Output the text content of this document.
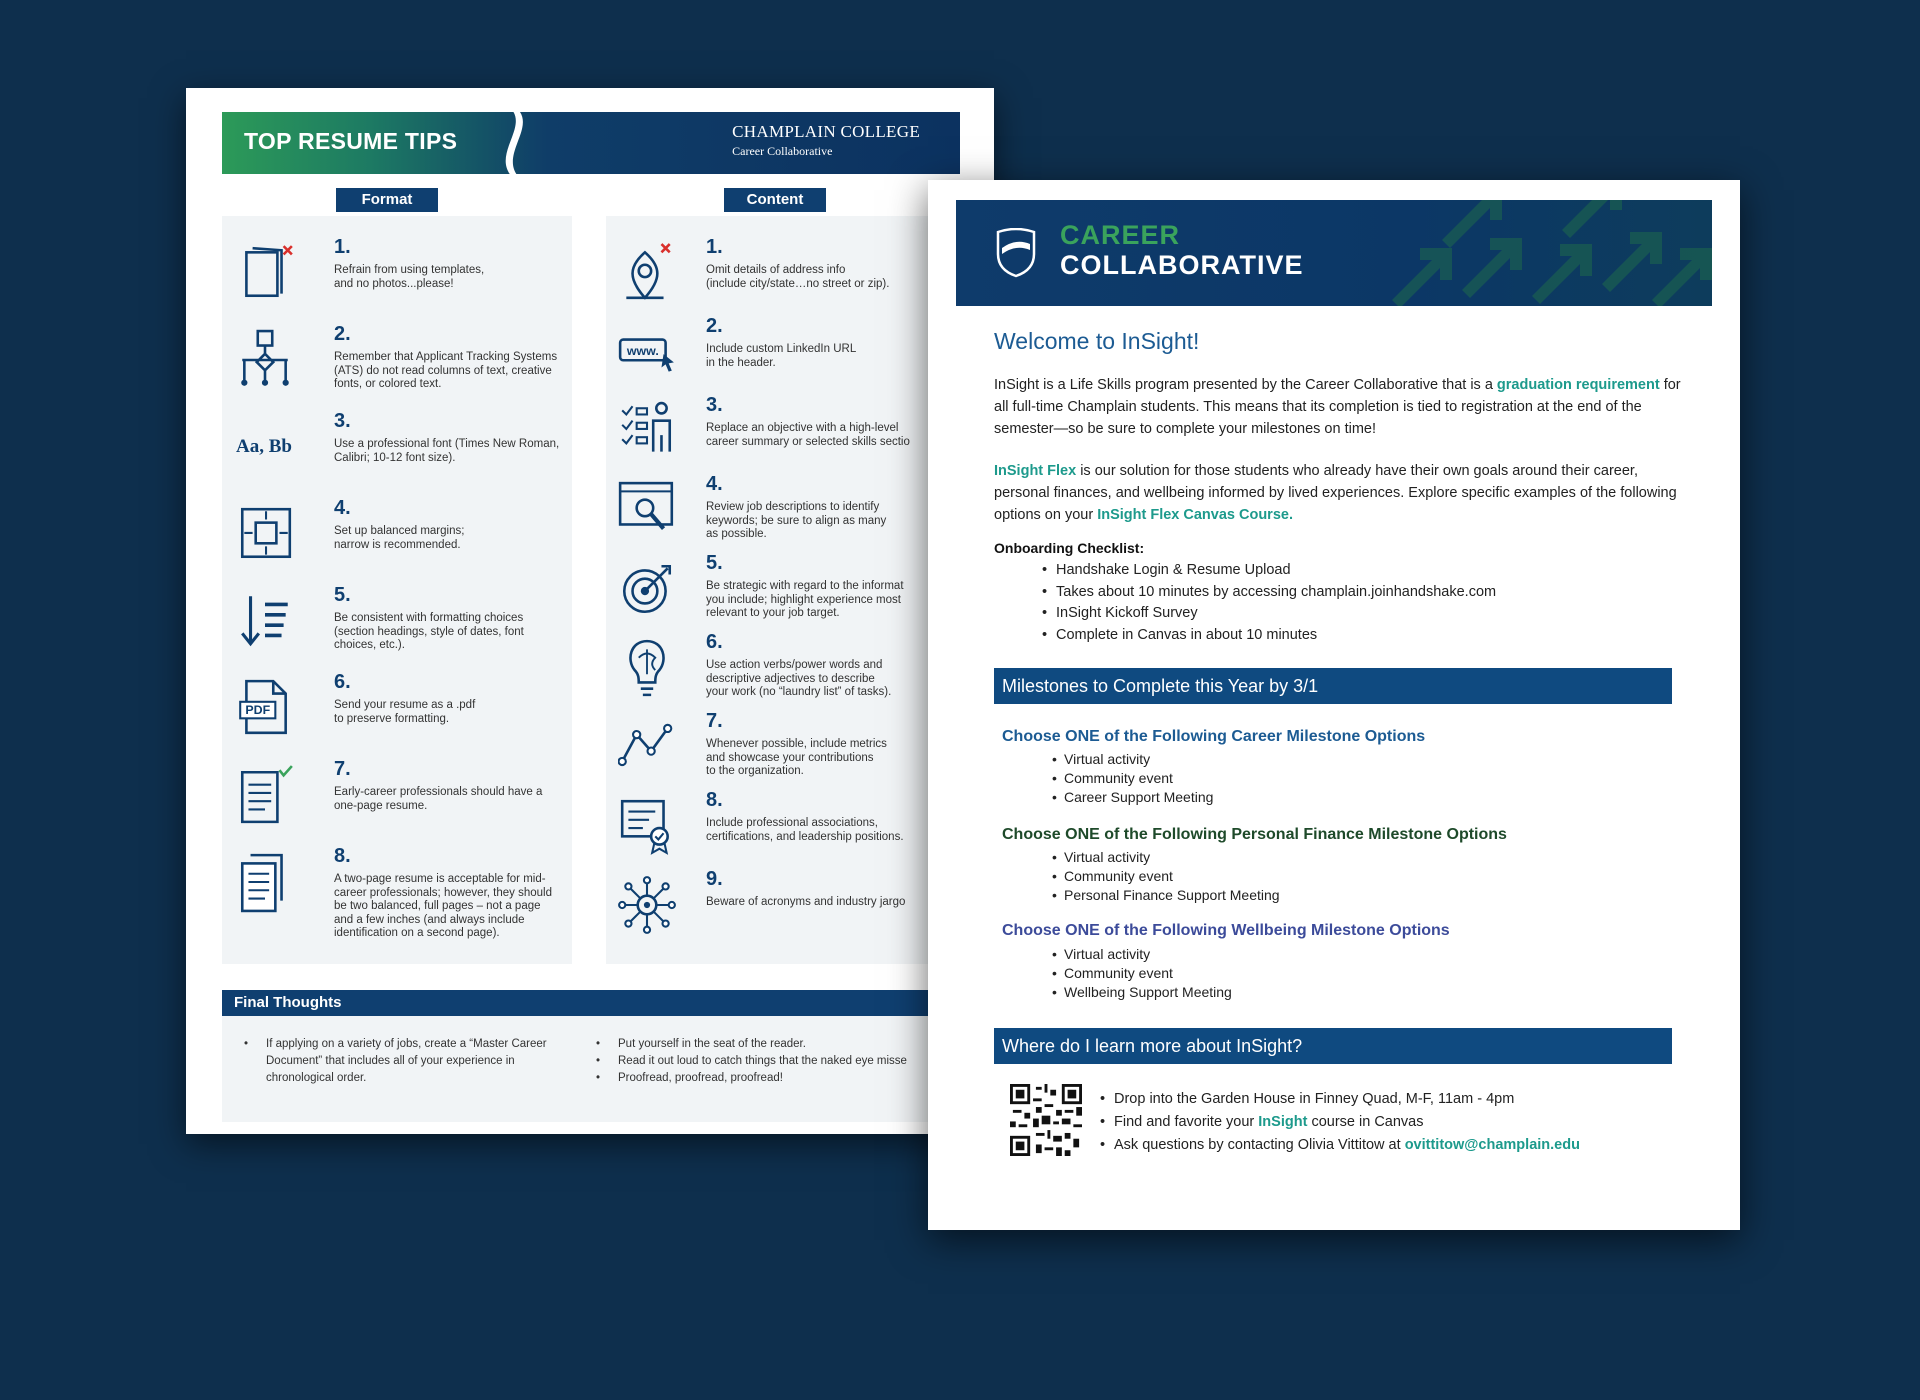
TOP RESUME TIPS	CHAMPLAIN COLLEGE
Career Collaborative
Format
1.
Refrain from using templates,
and no photos...please!
2.
Remember that Applicant Tracking Systems (ATS) do not read columns of text, creative fonts, or colored text.
Aa, Bb
3.
Use a professional font (Times New Roman, Calibri; 10-12 font size).
4.
Set up balanced margins;
narrow is recommended.
5.
Be consistent with formatting choices (section headings, style of dates, font choices, etc.).
PDF
6.
Send your resume as a .pdf
to preserve formatting.
7.
Early-career professionals should have a one-page resume.
8.
A two-page resume is acceptable for mid-career professionals; however, they should be two balanced, full pages – not a page and a few inches (and always include identification on a second page).
Content
1.
Omit details of address info
(include city/state…no street or zip).
www.
2.
Include custom LinkedIn URL
in the header.
3.
Replace an objective with a high-level
career summary or selected skills sectio
4.
Review job descriptions to identify
keywords; be sure to align as many
as possible.
5.
Be strategic with regard to the informat
you include; highlight experience most
relevant to your job target.
6.
Use action verbs/power words and
descriptive adjectives to describe
your work (no “laundry list” of tasks).
7.
Whenever possible, include metrics
and showcase your contributions
to the organization.
8.
Include professional associations,
certifications, and leadership positions.
9.
Beware of acronyms and industry jargo
Final Thoughts
• If applying on a variety of jobs, create a “Master Career Document” that includes all of your experience in chronological order.
• Put yourself in the seat of the reader.
• Read it out loud to catch things that the naked eye misse
• Proofread, proofread, proofread!
CAREER
COLLABORATIVE
Welcome to InSight!
InSight is a Life Skills program presented by the Career Collaborative that is a graduation requirement for all full-time Champlain students. This means that its completion is tied to registration at the end of the semester—so be sure to complete your milestones on time!
InSight Flex is our solution for those students who already have their own goals around their career, personal finances, and wellbeing informed by lived experiences. Explore specific examples of the following options on your InSight Flex Canvas Course.
Onboarding Checklist:
• Handshake Login & Resume Upload
• Takes about 10 minutes by accessing champlain.joinhandshake.com
• InSight Kickoff Survey
• Complete in Canvas in about 10 minutes
Milestones to Complete this Year by 3/1
Choose ONE of the Following Career Milestone Options
• Virtual activity
• Community event
• Career Support Meeting
Choose ONE of the Following Personal Finance Milestone Options
• Virtual activity
• Community event
• Personal Finance Support Meeting
Choose ONE of the Following Wellbeing Milestone Options
• Virtual activity
• Community event
• Wellbeing Support Meeting
Where do I learn more about InSight?
• Drop into the Garden House in Finney Quad, M-F, 11am - 4pm
• Find and favorite your InSight course in Canvas
• Ask questions by contacting Olivia Vittitow at ovittitow@champlain.edu
